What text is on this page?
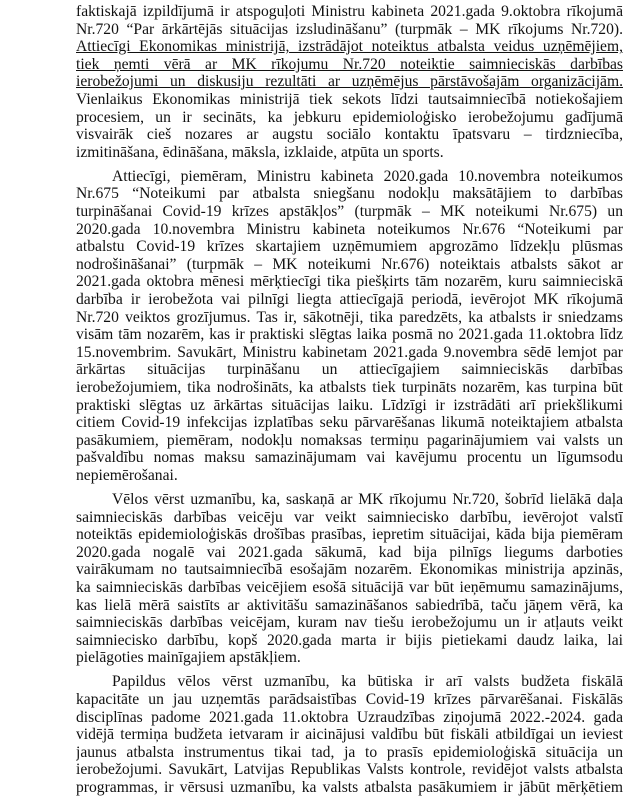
faktiskajā izpildījumā ir atspoguļoti Ministru kabineta 2021.gada 9.oktobra rīkojumā
Nr.720 “Par ārkārtējās situācijas izsludināšanu” (turpmāk – MK rīkojums Nr.720).
Attiecīgi Ekonomikas ministrijā, izstrādājot noteiktus atbalsta veidus uzņēmējiem,
tiek ņemti vērā ar MK rīkojumu Nr.720 noteiktie saimnieciskās darbības
ierobežojumi un diskusiju rezultāti ar uzņēmējus pārstāvošajām organizācijām.
Vienlaikus Ekonomikas ministrijā tiek sekots līdzi tautsaimniecībā notiekošajiem
procesiem, un ir secināts, ka jebkuru epidemioloģisko ierobežojumu gadījumā
visvairāk cieš nozares ar augstu sociālo kontaktu īpatsvaru – tirdzniecība,
izmitināšana, ēdināšana, māksla, izklaide, atpūta un sports.
Attiecīgi, piemēram, Ministru kabineta 2020.gada 10.novembra noteikumos
Nr.675 “Noteikumi par atbalsta sniegšanu nodokļu maksātājiem to darbības
turpināšanai Covid-19 krīzes apstākļos” (turpmāk – MK noteikumi Nr.675) un
2020.gada 10.novembra Ministru kabineta noteikumos Nr.676 “Noteikumi par
atbalstu Covid-19 krīzes skartajiem uzņēmumiem apgrozāmo līdzekļu plūsmas
nodrošināšanai” (turpmāk – MK noteikumi Nr.676) noteiktais atbalsts sākot ar
2021.gada oktobra mēnesi mērķtiecīgi tika piešķirts tām nozarēm, kuru saimnieciskā
darbība ir ierobežota vai pilnīgi liegta attiecīgajā periodā, ievērojot MK rīkojumā
Nr.720 veiktos grozījumus. Tas ir, sākotnēji, tika paredzēts, ka atbalsts ir sniedzams
visām tām nozarēm, kas ir praktiski slēgtas laika posmā no 2021.gada 11.oktobra līdz
15.novembrim. Savukārt, Ministru kabinetam 2021.gada 9.novembra sēdē lemjot par
ārkārtas situācijas turpināšanu un attiecīgajiem saimnieciskās darbības
ierobežojumiem, tika nodrošināts, ka atbalsts tiek turpināts nozarēm, kas turpina būt
praktiski slēgtas uz ārkārtas situācijas laiku. Līdzīgi ir izstrādāti arī priekšlikumi
citiem Covid-19 infekcijas izplatības seku pārvarēšanas likumā noteiktajiem atbalsta
pasākumiem, piemēram, nodokļu nomaksas termiņu pagarinājumiem vai valsts un
pašvaldību nomas maksu samazinājumam vai kavējumu procentu un līgumsodu
nepiemērošanai.
Vēlos vērst uzmanību, ka, saskaņā ar MK rīkojumu Nr.720, šobrīd lielākā daļa
saimnieciskās darbības veicēju var veikt saimniecisko darbību, ievērojot valstī
noteiktās epidemioloģiskās drošības prasības, iepretim situācijai, kāda bija piemēram
2020.gada nogalē vai 2021.gada sākumā, kad bija pilnīgs liegums darboties
vairākumam no tautsaimniecībā esošajām nozarēm. Ekonomikas ministrija apzinās,
ka saimnieciskās darbības veicējiem esošā situācijā var būt ieņēmumu samazinājums,
kas lielā mērā saistīts ar aktivitāšu samazināšanos sabiedrībā, taču jāņem vērā, ka
saimnieciskās darbības veicējam, kuram nav tiešu ierobežojumu un ir atļauts veikt
saimniecisko darbību, kopš 2020.gada marta ir bijis pietiekami daudz laika, lai
pielāgoties mainīgajiem apstākļiem.
Papildus vēlos vērst uzmanību, ka būtiska ir arī valsts budžeta fiskālā
kapacitāte un jau uzņemtās parādsaistības Covid-19 krīzes pārvarēšanai. Fiskālās
disciplīnas padome 2021.gada 11.oktobra Uzraudzības ziņojumā 2022.-2024. gada
vidējā termiņa budžeta ietvaram ir aicinājusi valdību būt fiskāli atbildīgai un ieviest
jaunus atbalsta instrumentus tikai tad, ja to prasīs epidemioloģiskā situācija un
ierobežojumi. Savukārt, Latvijas Republikas Valsts kontrole, revidējot valsts atbalsta
programmas, ir vērsusi uzmanību, ka valsts atbalsta pasākumiem ir jābūt mērķētiem
